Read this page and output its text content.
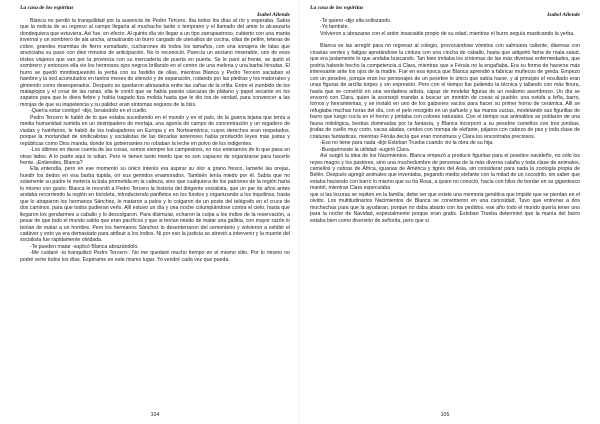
La casa de los espíritus
Isabel Allende

Blanca no perdió la tranquilidad por la ausencia de Pedro Tercero. Iba todos los días al río y esperaba. Sabía que la noticia de su regreso al campo llegaría al muchacho tarde o temprano y el llamado del amor lo alcanzaría dondequiera que estuviera. Así fue, en efecto. Al quinto día vio llegar a un tipo zarrapastroso, cubierto con una manta invernal y un sombrero de ala ancha, arrastrando un burro cargado de utensilios de cocina, ollas de peltre, teteras de cobre, grandes marmitas de fierro esmaltado, cucharones de todos los tamaños, con una sonajera de latas que anunciaba su paso con diez minutos de anticipación. No lo reconoció. Parecía un anciano miserable, uno de esos tristes viajeros que van por la provincia con su mercadería de puerta en puerta. Se le paró al frente, se quitó el sombrero y entonces ella vio los hermosos ojos negros brillando en el centro de una melena y una barba hirsutas. El burro se quedó mordisqueando la yerba con su fastidio de ollas, mientras Blanca y Pedro Tercero saciaban el hambre y la sed acumulados en tantos meses de silencio y de separación, rodando por las piedras y los matorrales y gimiendo como desesperados. Después se quedaron abrazados entre las cañas de la orilla. Entre el zumbido de los matapiojos y el croar de las ranas, ella le contó que se había puesto cáscaras de plátano y papel secante en los zapatos para que le diera fiebre y había tragado tiza molida hasta que le dio tos de verdad, para convencer a las monjas de que su inapetencia y su palidez eran síntomas seguros de la tisis.

-Quería estar contigo! -dijo, besándolo en el cuello.

Pedro Tercero le habló de lo que estaba sucediendo en el mundo y en el país, de la guerra lejana que tenía a media humanidad sumida en un destripadero de mortaja, una agonía de campo de concentración y un regadero de viudas y huérfanos, le habló de los trabajadores en Europa y en Norteamérica, cuyos derechos eran respetados, porque la mortandad de sindicalistas y socialistas de las décadas anteriores había producido leyes más justas y repúblicas como Dios manda, donde los gobernantes no robaban la leche en polvo de los indigentes.

-Los últimos en darse cuenta de las cosas, somos siempre los campesinos, no nos enteramos de lo que pasa en otras lados. A lo padre aquí lo odian. Pero le tienen tanto miedo que no son capaces de organizarse para hacerle frente. ¡Entiendes, Blanca?

Ella entendía, pero en ese momento su único interés era aspirar su olor a grano fresco, lamerle las orejas, hundir los dedos en esa barba tupida, oír sus gemidos enamorados. También tenía miedo por él. Sabía que no solamente su padre le metería la bala prometida en la cabeza, sino que cualquiera de los patrones de la región haría lo mismo con gusto. Blanca le recordó a Pedro Tercero la historia del dirigente socialista, que un par de años antes andaba recorriendo la región en bicicleta, introduciendo panfletos en los fundos y organizando a los inquilinos, hasta que lo atraparon los hermanos Sánchez, lo mataron a palos y lo colgaron de un poste del telégrafo en el cruce de dos caminos, para que todos pudieran verlo. Allí estuvo un día y una noche columpiándose contra el cielo, hasta que llegaron los gendarmes a caballo y lo descolgaron. Para disimular, echaron la culpa a los indios de la reservación, a pesar de que todo el mundo sabía que eran pacíficos y que si tenían miedo de matar una gallina, con mayor razón lo tenían de matar a un hombre. Pero los hermanos Sánchez lo desenterraron del cementerio y volvieron a exhibir el cadáver y esto ya era demasiado para atribuir a los indios. Ni por eso la justicia se atrevió a intervenir y la muerte del socialista fue rápidamente olvidada.

-Te pueden matar -suplicó Blanca abrazándolo.

-Me cuidaré -la tranquilizó Pedro Tercero-. No me quedaré mucho tiempo en el mismo sitio. Por lo mismo no podré verte todos los días. Espérame en este mismo lugar. Yo vendré cada vez que pueda.

104
La casa de los espíritus
Isabel Allende

-Te quiero -dijo ella sollozando.

-Yo también.

Volvieron a abrazarse con el ardor insaciable propio de su edad, mientras el burro seguía masticando la yerba.

Blanca se las arregló para no regresar al colegio, provocándose vómitos con salmuera caliente, diarreas con ciruelas verdes y fatigas apretándose la cintura con una cincha de caballo, hasta que adquirió fama de mala salud, que era justamente lo que andaba buscando. Tan bien imitaba los síntomas de las más diversas enfermedades, que podría haberle hecho la competencia a Clara, mientras que a Férula no la engañaba. Era su forma de hacerse más interesante ante los ojos de la madre. Fue en esa época que Blanca aprendió a fabricar muñecos de greda. Empezó con un pesebre, porque eran los personajes de un pesebre lo único que sabía hacer, y al principio el resultado eran unas figuras de arcilla torpes y sin expresión. Pero con el tiempo fue puliendo la técnica y tallando con más finura, hasta que se convirtió en una verdadera artista, capaz de modelar figuras de un realismo asombroso. Un día se encerró con Clara, quien la aconsejó mandar a buscar un montón de cosas al pueblo: una estufa a leña, barro, tornos y herramientas, y se instaló en uno de los galpones vacíos para hacer su primer horno de cerámica. Allí se refugiaba muchas horas del día, con el pelo recogido en un pañuelo y las manos sucias, modelando sus figurillas de barro que luego cocía en el horno y pintaba con colores naturales. Con el tiempo sus animalitos se poblaron de una fauna mitológica, bestias dominadas por la fantasía, y Blanca incorporó a su pesebre camellos con tres jorobas, jirafas de cuello muy corto, vacas aladas, cerdos con trompa de elefante, pájaros con cabeza de pez y toda clase de criaturas fantásticas, mientras Férula decía que eran monstruos y Clara los encontraba preciosos.

-Eso no tiene para nada -dijo Esteban Trueba cuando vio la obra de su hija.

-Busquémosle la utilidad -sugirió Clara.

Así surgió la idea de los Nacimientos. Blanca empezó a producir figuritas para el pesebre navideño, no sólo los reyes magos y los pastores, sino una muchedumbre de personas de la más diversa calaña y toda clase de animales, camellos y cebras de África, iguanas de América y tigres del Asia, sin considerar para nada la zoología propia de Belén. Después agregó animales que inventaba, pegando medio elefante con la mitad de un cocodrilo, sin saber que estaba haciendo con barro lo mismo que su tía Rosa, a quien no conoció, hacía con hilos de bordar en su gigantesco mantel, mientras Clara especulaba

que si las locuras se repiten en la familia, debe ser que existe una memoria genética que impide que se pierdan en el olvido. Los multitudinarios Nacimientos de Blanca se convirtieron en una curiosidad. Tuvo que entrenar a dos muchachas para que la ayudaran, porque no daba abasto con los pedidos, ese año todo el mundo quería tener uno para la noche de Navidad, especialmente porque eran gratis. Esteban Trueba determinó que la manía del barro estaba bien como diversión de señorita, pero que si

105
